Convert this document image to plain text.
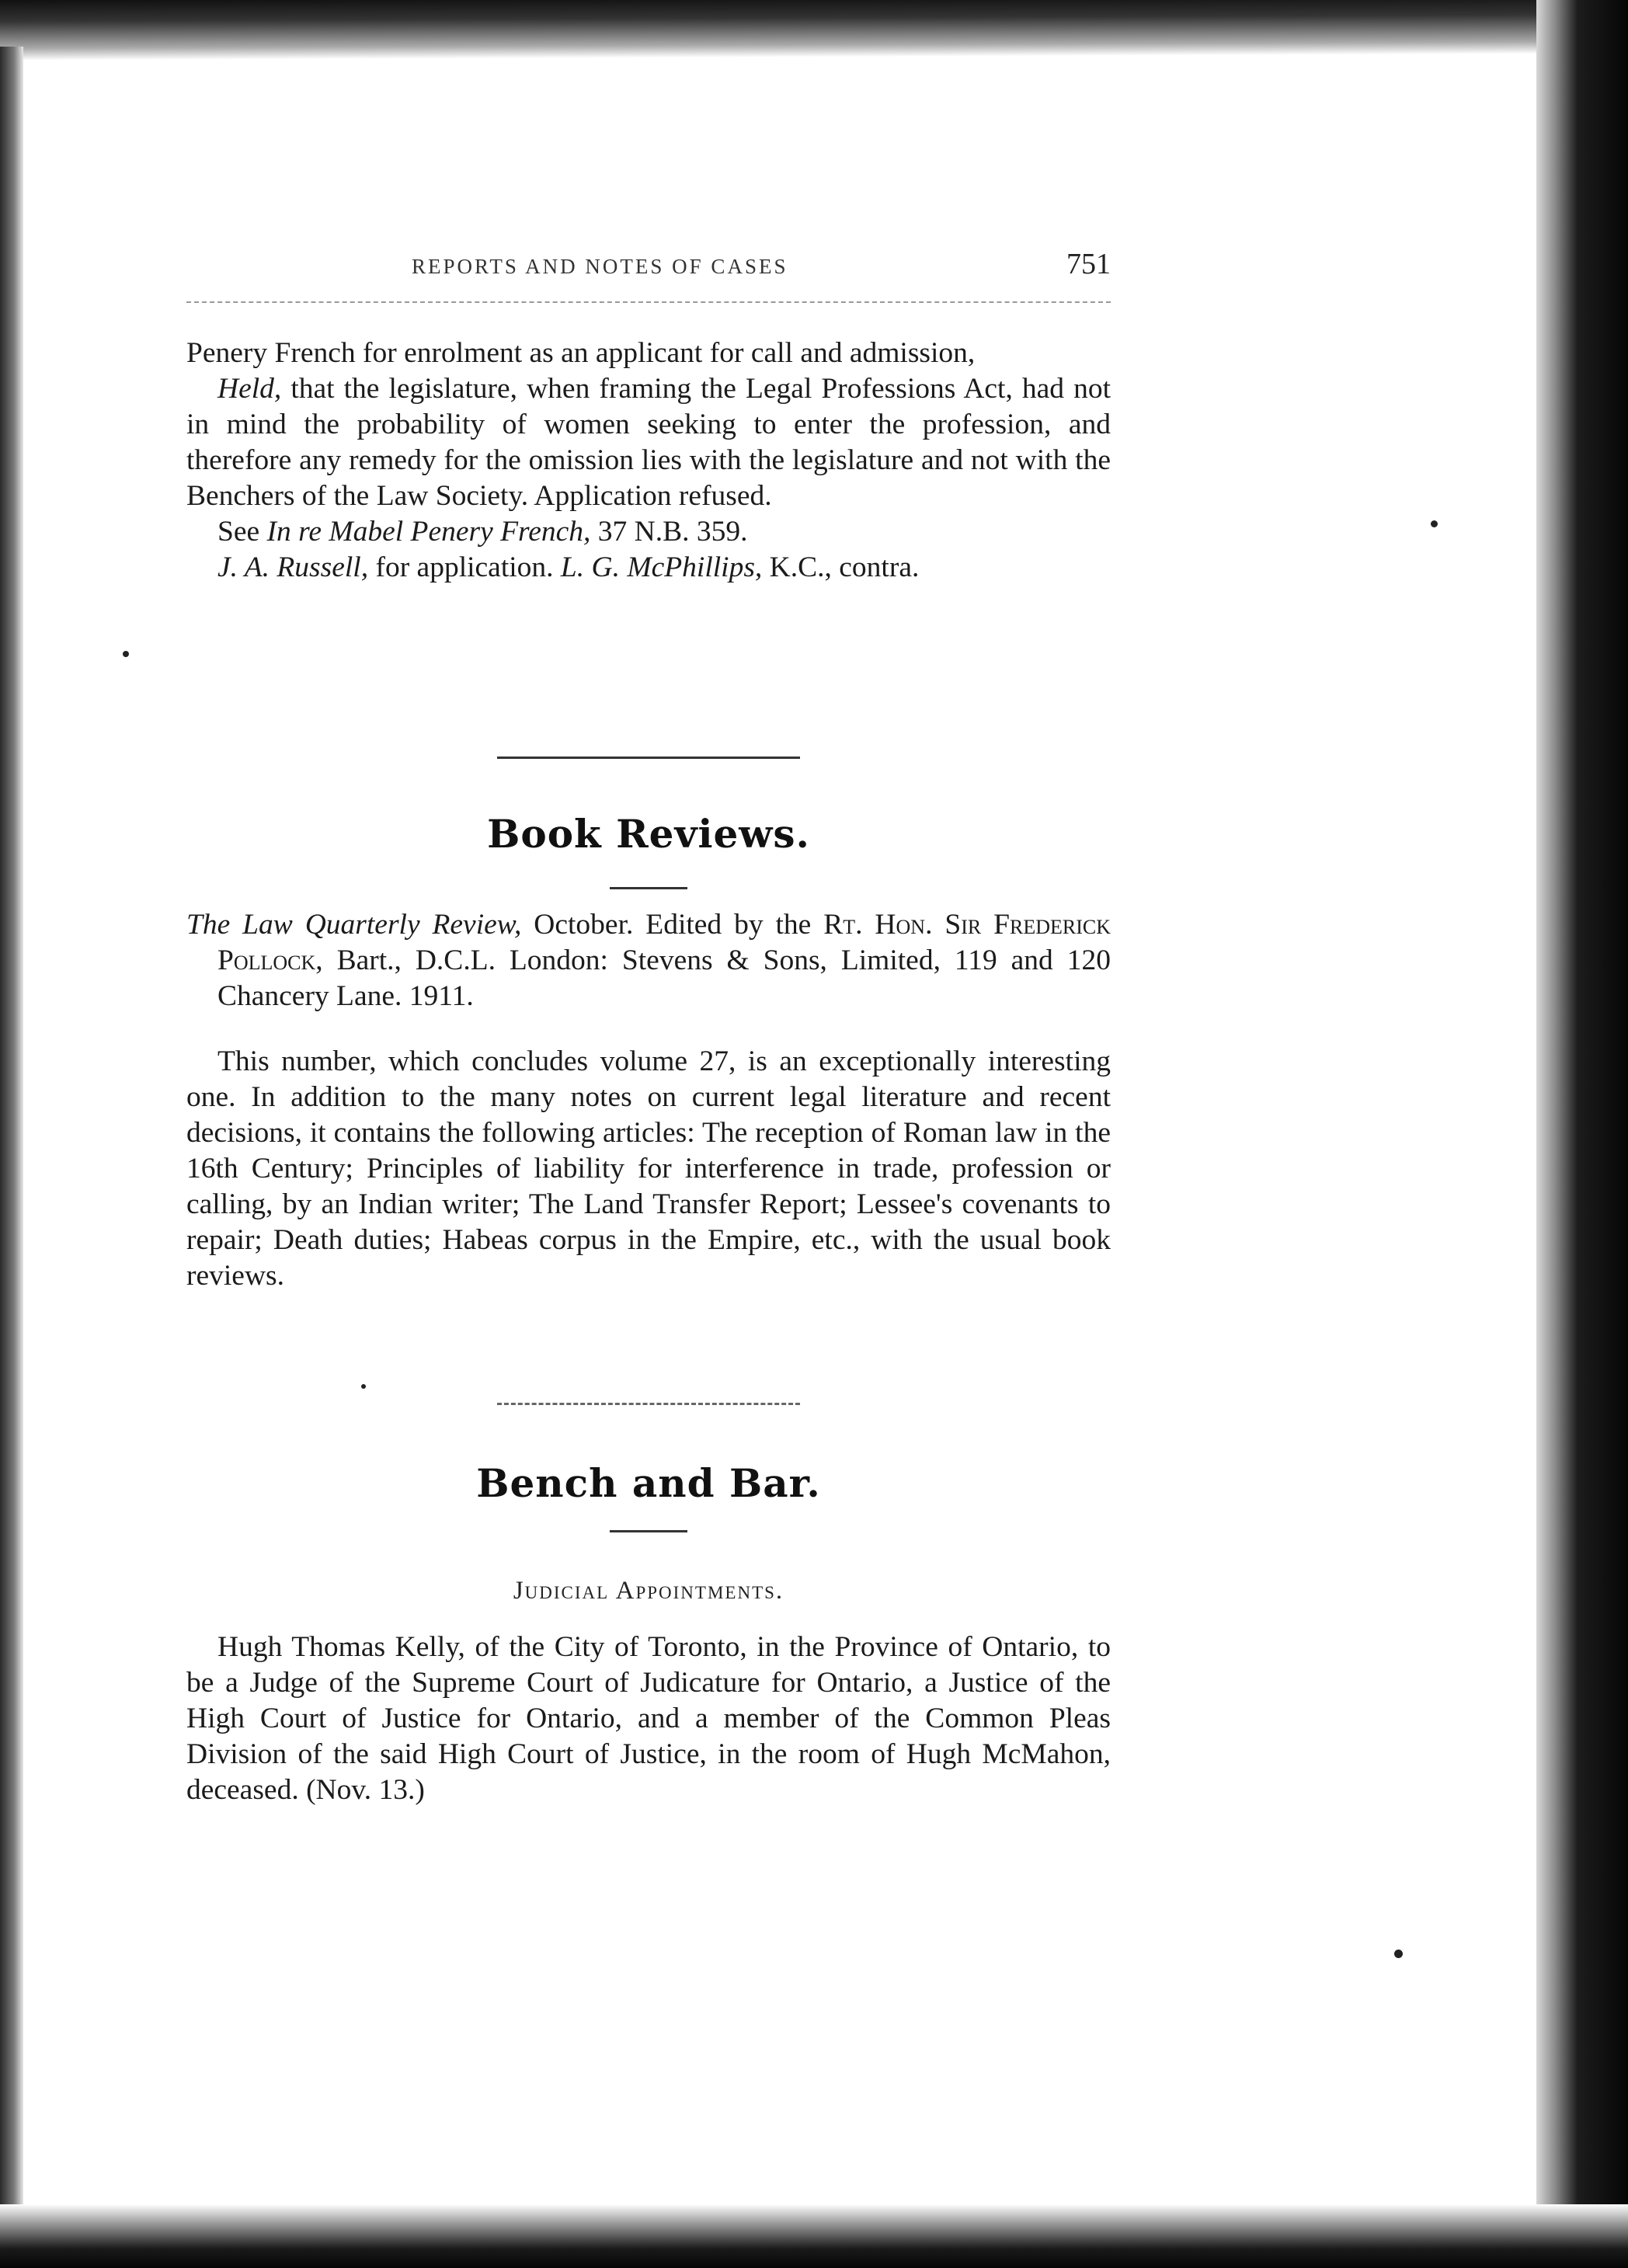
REPORTS AND NOTES OF CASES	751

Penery French for enrolment as an applicant for call and admission,

Held, that the legislature, when framing the Legal Professions Act, had not in mind the probability of women seeking to enter the profession, and therefore any remedy for the omission lies with the legislature and not with the Benchers of the Law Society. Application refused.

See In re Mabel Penery French, 37 N.B. 359.

J. A. Russell, for application. L. G. McPhillips, K.C., contra.

Book Reviews.

The Law Quarterly Review, October. Edited by the Rt. Hon. Sir Frederick Pollock, Bart., D.C.L. London: Stevens & Sons, Limited, 119 and 120 Chancery Lane. 1911.

This number, which concludes volume 27, is an exceptionally interesting one. In addition to the many notes on current legal literature and recent decisions, it contains the following articles: The reception of Roman law in the 16th Century; Principles of liability for interference in trade, profession or calling, by an Indian writer; The Land Transfer Report; Lessee's covenants to repair; Death duties; Habeas corpus in the Empire, etc., with the usual book reviews.

Bench and Bar.
Judicial Appointments.

Hugh Thomas Kelly, of the City of Toronto, in the Province of Ontario, to be a Judge of the Supreme Court of Judicature for Ontario, a Justice of the High Court of Justice for Ontario, and a member of the Common Pleas Division of the said High Court of Justice, in the room of Hugh McMahon, deceased. (Nov. 13.)
